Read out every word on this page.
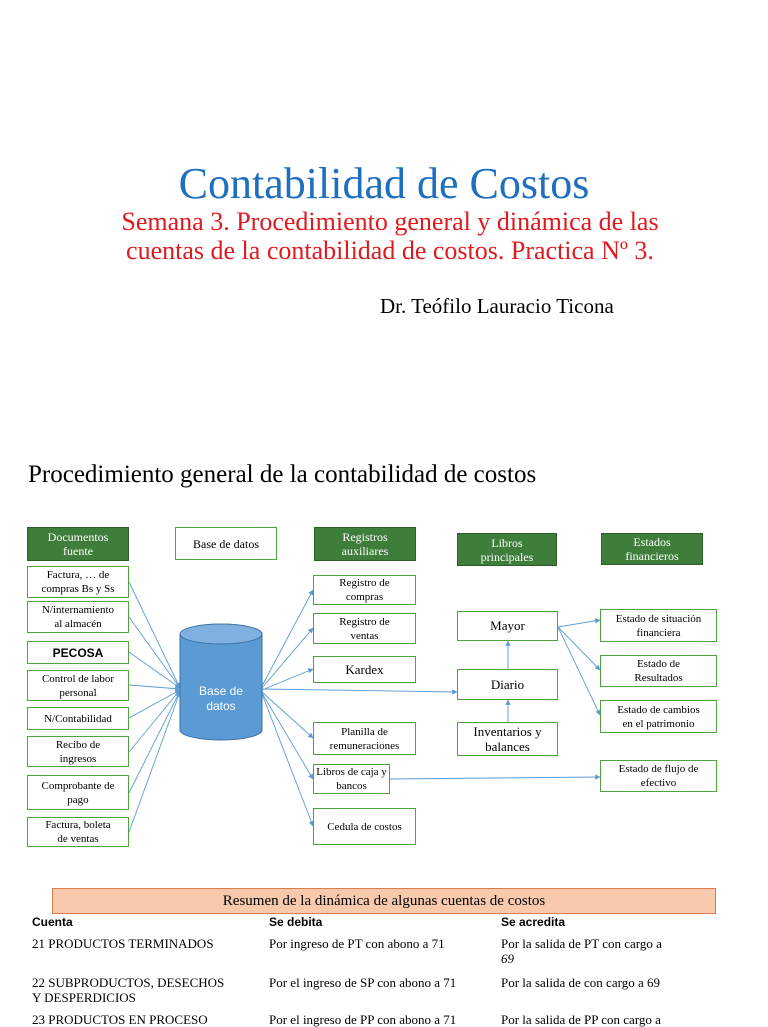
Contabilidad de Costos
Semana 3. Procedimiento general y dinámica de las
cuentas de la contabilidad de costos. Practica Nº 3.
Dr. Teófilo Lauracio Ticona
Procedimiento general de la contabilidad de costos
Base de
datos
Documentos
fuente
Base de datos	Registros
auxiliares
Libros
principales
Estados
financieros
Factura, … de
compras Bs y Ss
N/internamiento
al almacén
PECOSA
Control de labor
personal
N/Contabilidad
Recibo de
ingresos
Comprobante de
pago
Factura, boleta
de ventas
Registro de
compras
Registro de
ventas
Kardex
Planilla de
remuneraciones
Libros de caja y
bancos
Cedula de costos
Mayor
Diario
Inventarios y
balances
Estado de situación
financiera
Estado de
Resultados
Estado de cambios
en el patrimonio
Estado de flujo de
efectivo
Resumen de la dinámica de algunas cuentas de costos
Cuenta	Se debita	Se acredita
21 PRODUCTOS TERMINADOS	Por ingreso de PT con abono a 71	Por la salida de PT con cargo a
69
22 SUBPRODUCTOS, DESECHOS
Y DESPERDICIOS
Por el ingreso de SP con abono a 71	Por la salida de con cargo a 69
23 PRODUCTOS EN PROCESO	Por el ingreso de PP con abono a 71	Por la salida de PP con cargo a
